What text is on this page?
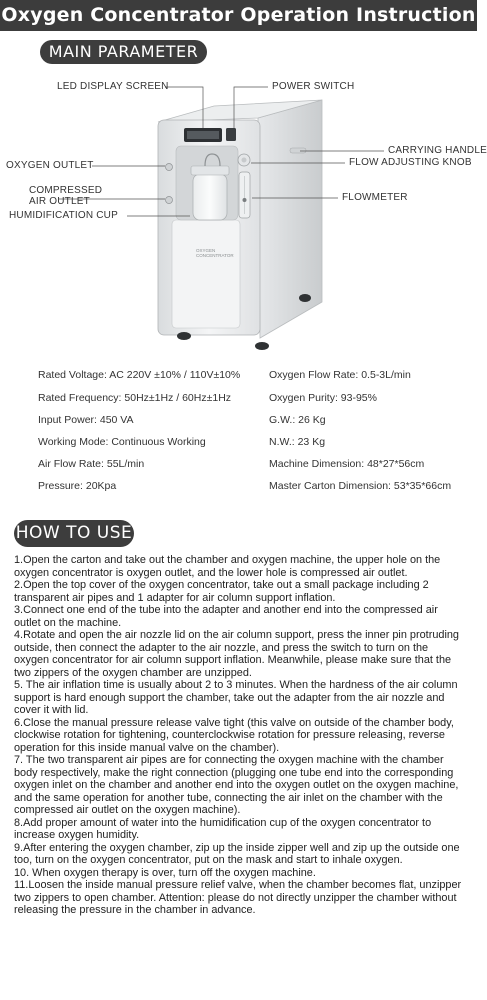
Oxygen Concentrator Operation Instruction
MAIN PARAMETER
LED DISPLAY SCREEN	POWER SWITCH
CARRYING HANDLE
FLOW ADJUSTING KNOB
OXYGEN OUTLET
COMPRESSED
AIR OUTLET
HUMIDIFICATION CUP
FLOWMETER
OXYGEN CONCENTRATOR
Rated Voltage: AC 220V ±10% / 110V±10%
Rated Frequency: 50Hz±1Hz / 60Hz±1Hz
Input Power: 450 VA
Working Mode: Continuous Working
Air Flow Rate: 55L/min
Pressure: 20Kpa
Oxygen Flow Rate: 0.5-3L/min
Oxygen Purity: 93-95%
G.W.: 26 Kg
N.W.: 23 Kg
Machine Dimension: 48*27*56cm
Master Carton Dimension: 53*35*66cm
HOW TO USE

1.Open the carton and take out the chamber and oxygen machine, the upper hole on the oxygen concentrator is oxygen outlet, and the lower hole is compressed air outlet.

2.Open the top cover of the oxygen concentrator, take out a small package including 2 transparent air pipes and 1 adapter for air column support inflation.

3.Connect one end of the tube into the adapter and another end into the compressed air outlet on the machine.

4.Rotate and open the air nozzle lid on the air column support, press the inner pin protruding outside, then connect the adapter to the air nozzle, and press the switch to turn on the oxygen concentrator for air column support inflation. Meanwhile, please make sure that the two zippers of the oxygen chamber are unzipped.

5. The air inflation time is usually about 2 to 3 minutes. When the hardness of the air column support is hard enough support the chamber, take out the adapter from the air nozzle and cover it with lid.

6.Close the manual pressure release valve tight (this valve on outside of the chamber body, clockwise rotation for tightening, counterclockwise rotation for pressure releasing, reverse operation for this inside manual valve on the chamber).

7. The two transparent air pipes are for connecting the oxygen machine with the chamber body respectively, make the right connection (plugging one tube end into the corresponding oxygen inlet on the chamber and another end into the oxygen outlet on the oxygen machine, and the same operation for another tube, connecting the air inlet on the chamber with the compressed air outlet on the oxygen machine).

8.Add proper amount of water into the humidification cup of the oxygen concentrator to increase oxygen humidity.

9.After entering the oxygen chamber, zip up the inside zipper well and zip up the outside one too, turn on the oxygen concentrator, put on the mask and start to inhale oxygen.

10. When oxygen therapy is over, turn off the oxygen machine.

11.Loosen the inside manual pressure relief valve, when the chamber becomes flat, unzipper two zippers to open chamber. Attention: please do not directly unzipper the chamber without releasing the pressure in the chamber in advance.
